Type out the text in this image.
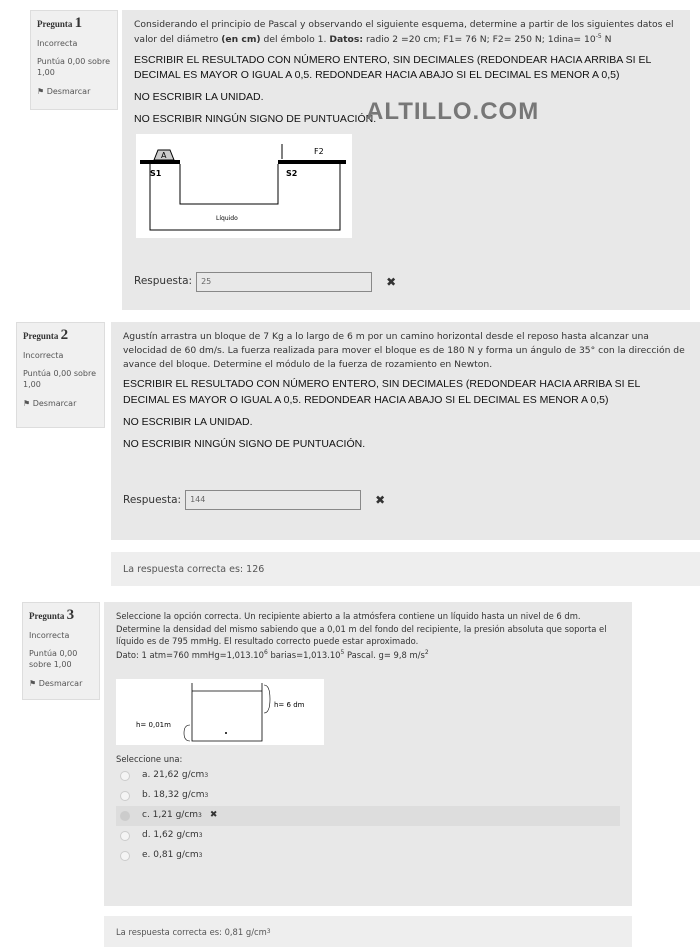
Pregunta 1
Incorrecta
Puntúa 0,00 sobre 1,00
⚑ Desmarcar

Considerando el principio de Pascal y observando el siguiente esquema, determine a partir de los siguientes datos el valor del diámetro (en cm) del émbolo 1. Datos: radio 2 =20 cm; F1= 76 N; F2= 250 N; 1dina= $10^{-5}$ N

ESCRIBIR EL RESULTADO CON NÚMERO ENTERO, SIN DECIMALES (REDONDEAR HACIA ARRIBA SI EL DECIMAL ES MAYOR O IGUAL A 0,5. REDONDEAR HACIA ABAJO SI EL DECIMAL ES MENOR A 0,5)

NO ESCRIBIR LA UNIDAD.

NO ESCRIBIR NINGÚN SIGNO DE PUNTUACIÓN.

A
S1	S2
F2
Líquido
Respuesta:	25	✖
ALTILLO.COM
Pregunta 2
Incorrecta
Puntúa 0,00 sobre 1,00
⚑ Desmarcar

Agustín arrastra un bloque de 7 Kg a lo largo de 6 m por un camino horizontal desde el reposo hasta alcanzar una velocidad de 60 dm/s. La fuerza realizada para mover el bloque es de 180 N y forma un ángulo de 35° con la dirección de avance del bloque. Determine el módulo de la fuerza de rozamiento en Newton.

ESCRIBIR EL RESULTADO CON NÚMERO ENTERO, SIN DECIMALES (REDONDEAR HACIA ARRIBA SI EL DECIMAL ES MAYOR O IGUAL A 0,5. REDONDEAR HACIA ABAJO SI EL DECIMAL ES MENOR A 0,5)

NO ESCRIBIR LA UNIDAD.

NO ESCRIBIR NINGÚN SIGNO DE PUNTUACIÓN.

Respuesta:	144	✖
La respuesta correcta es: 126
Pregunta 3
Incorrecta
Puntúa 0,00 sobre 1,00
⚑ Desmarcar

Seleccione la opción correcta. Un recipiente abierto a la atmósfera contiene un líquido hasta un nivel de 6 dm. Determine la densidad del mismo sabiendo que a 0,01 m del fondo del recipiente, la presión absoluta que soporta el líquido es de 795 mmHg. El resultado correcto puede estar aproximado.

Dato: 1 atm=760 $mmHg=1,013.10^6$ $barias=1,013.10^5$ Pascal. g= 9,8 $m/s^2$

h= 0,01m
h= 6 dm
Seleccione una:
a. 21,62 g/cm 3
b. 18,32 g/cm 3
c. 1,21 g/cm 3 ✖
d. 1,62 g/cm 3
e. 0,81 g/cm 3
La respuesta correcta es: 0,81 g/cm 3
